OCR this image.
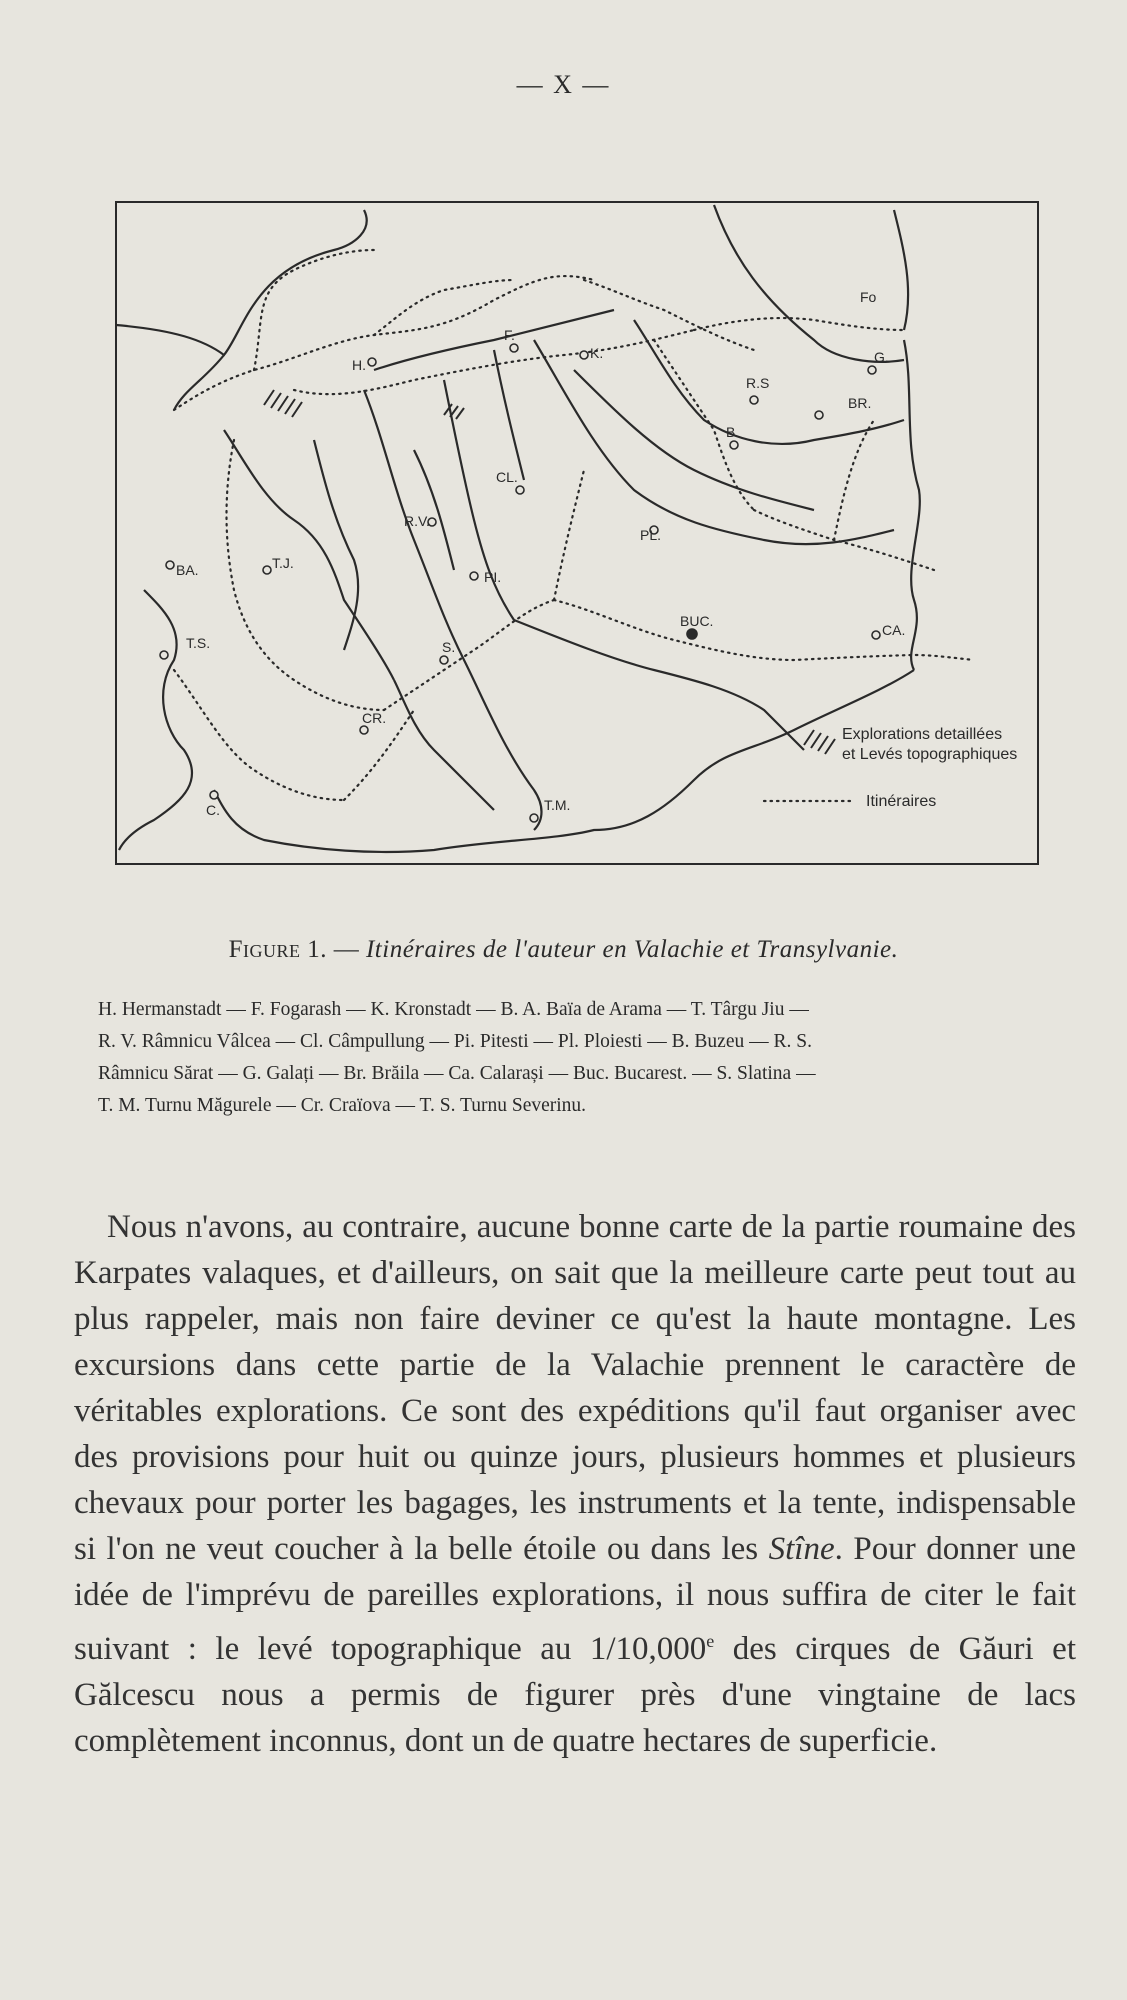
— X —
H.
F.
K.
Fo
G.
R.S
BR.
B.
CL.
R.V.
PL.
BA.	T.J.
PI.
BUC.
CA.
T.S.	S.
CR.
C.	T.M.
Explorations detaillées
et Levés topographiques
Itinéraires
Figure 1. — Itinéraires de l'auteur en Valachie et Transylvanie.
H. Hermanstadt — F. Fogarash — K. Kronstadt — B. A. Baïa de Arama — T. Târgu Jiu —
R. V. Râmnicu Vâlcea — Cl. Câmpullung — Pi. Pitesti — Pl. Ploiesti — B. Buzeu — R. S.
Râmnicu Sărat — G. Galați — Br. Brăila — Ca. Calarași — Buc. Bucarest. — S. Slatina —
T. M. Turnu Măgurele — Cr. Craïova — T. S. Turnu Severinu.
 Nous n'avons, au contraire, aucune bonne carte de la partie roumaine des Karpates valaques, et d'ailleurs, on sait que la meilleure carte peut tout au plus rappeler, mais non faire deviner ce qu'est la haute montagne. Les excursions dans cette partie de la Valachie prennent le caractère de véritables explorations. Ce sont des expéditions qu'il faut organiser avec des provisions pour huit ou quinze jours, plusieurs hommes et plusieurs chevaux pour porter les bagages, les instruments et la tente, indispensable si l'on ne veut coucher à la belle étoile ou dans les Stîne. Pour donner une idée de l'imprévu de pareilles explorations, il nous suffira de citer le fait suivant : le levé topographique au 1/10,000e des cirques de Găuri et Gălcescu nous a permis de figurer près d'une vingtaine de lacs complètement inconnus, dont un de quatre hectares de superficie.
